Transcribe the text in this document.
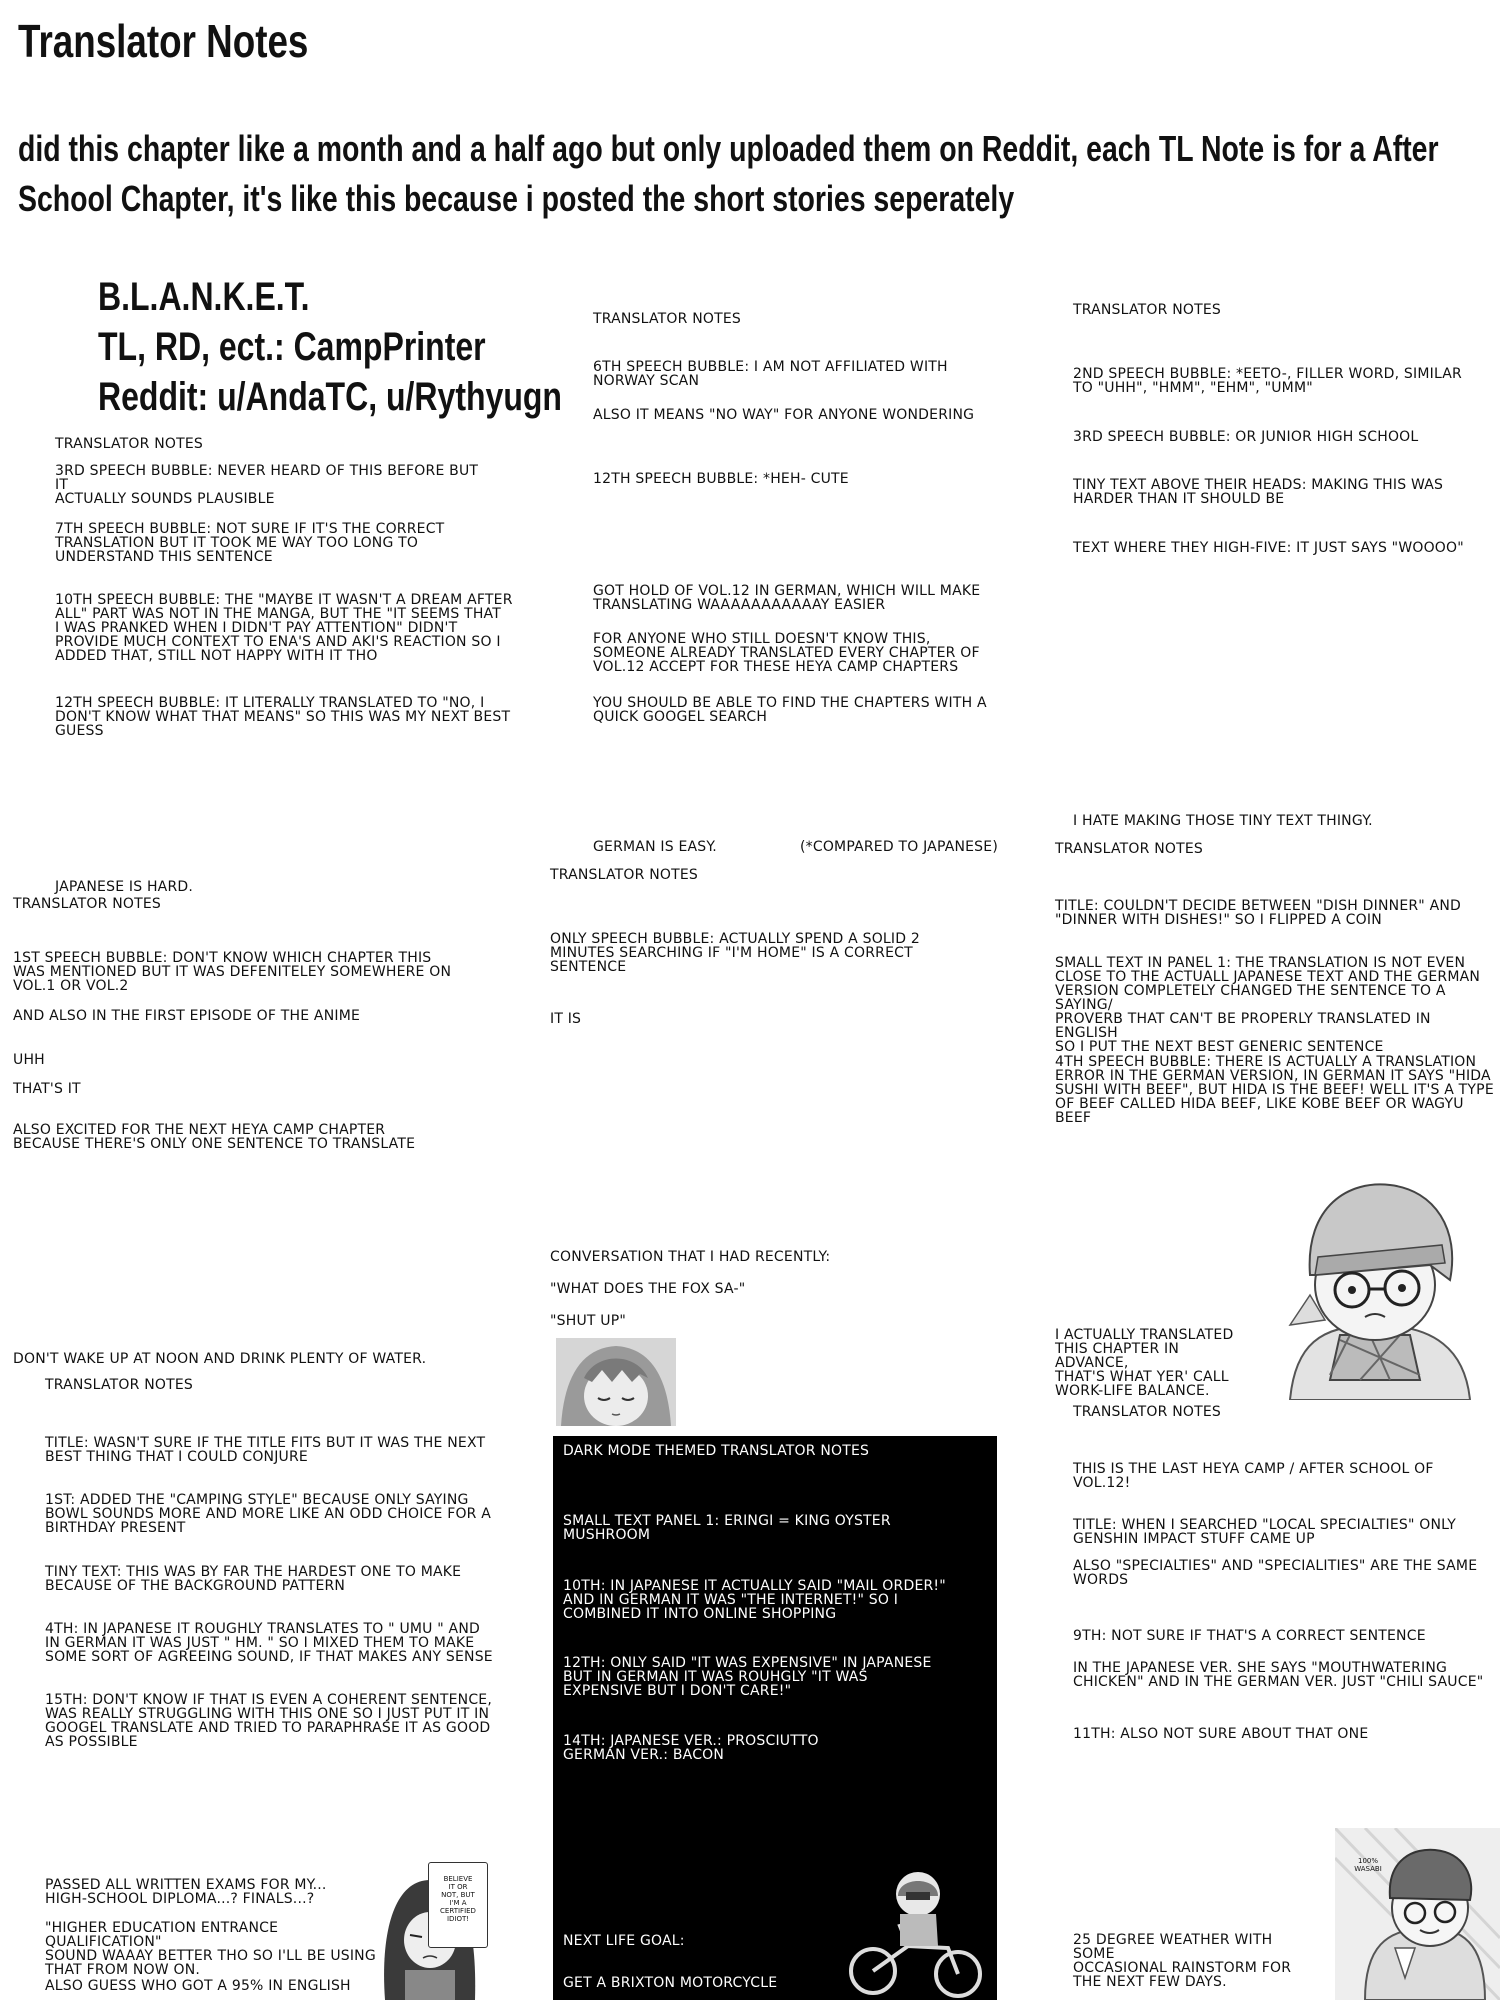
Translator Notes
did this chapter like a month and a half ago but only uploaded them on Reddit, each TL Note is for a After School Chapter, it's like this because i posted the short stories seperately
B.L.A.N.K.E.T.
TL, RD, ect.: CampPrinter
Reddit: u/AndaTC, u/Rythyugn

TRANSLATOR NOTES

3RD SPEECH BUBBLE: NEVER HEARD OF THIS BEFORE BUT IT
ACTUALLY SOUNDS PLAUSIBLE

7TH SPEECH BUBBLE: NOT SURE IF IT'S THE CORRECT
TRANSLATION BUT IT TOOK ME WAY TOO LONG TO
UNDERSTAND THIS SENTENCE

10TH SPEECH BUBBLE: THE "MAYBE IT WASN'T A DREAM AFTER
ALL" PART WAS NOT IN THE MANGA, BUT THE "IT SEEMS THAT
I WAS PRANKED WHEN I DIDN'T PAY ATTENTION" DIDN'T
PROVIDE MUCH CONTEXT TO ENA'S AND AKI'S REACTION SO I
ADDED THAT, STILL NOT HAPPY WITH IT THO

12TH SPEECH BUBBLE: IT LITERALLY TRANSLATED TO "NO, I
DON'T KNOW WHAT THAT MEANS" SO THIS WAS MY NEXT BEST
GUESS

JAPANESE IS HARD.

TRANSLATOR NOTES

6TH SPEECH BUBBLE: I AM NOT AFFILIATED WITH
NORWAY SCAN

ALSO IT MEANS "NO WAY" FOR ANYONE WONDERING

12TH SPEECH BUBBLE: *HEH- CUTE

GOT HOLD OF VOL.12 IN GERMAN, WHICH WILL MAKE
TRANSLATING WAAAAAAAAAAAY EASIER

FOR ANYONE WHO STILL DOESN'T KNOW THIS,
SOMEONE ALREADY TRANSLATED EVERY CHAPTER OF
VOL.12 ACCEPT FOR THESE HEYA CAMP CHAPTERS

YOU SHOULD BE ABLE TO FIND THE CHAPTERS WITH A
QUICK GOOGEL SEARCH

GERMAN IS EASY.	(*COMPARED TO JAPANESE)

TRANSLATOR NOTES

2ND SPEECH BUBBLE: *EETO-, FILLER WORD, SIMILAR
TO "UHH", "HMM", "EHM", "UMM"

3RD SPEECH BUBBLE: OR JUNIOR HIGH SCHOOL

TINY TEXT ABOVE THEIR HEADS: MAKING THIS WAS
HARDER THAN IT SHOULD BE

TEXT WHERE THEY HIGH-FIVE: IT JUST SAYS "WOOOO"

I HATE MAKING THOSE TINY TEXT THINGY.

TRANSLATOR NOTES

1ST SPEECH BUBBLE: DON'T KNOW WHICH CHAPTER THIS
WAS MENTIONED BUT IT WAS DEFENITELEY SOMEWHERE ON
VOL.1 OR VOL.2

AND ALSO IN THE FIRST EPISODE OF THE ANIME

UHH

THAT'S IT

ALSO EXCITED FOR THE NEXT HEYA CAMP CHAPTER
BECAUSE THERE'S ONLY ONE SENTENCE TO TRANSLATE

DON'T WAKE UP AT NOON AND DRINK PLENTY OF WATER.

TRANSLATOR NOTES

ONLY SPEECH BUBBLE: ACTUALLY SPEND A SOLID 2
MINUTES SEARCHING IF "I'M HOME" IS A CORRECT
SENTENCE

IT IS

CONVERSATION THAT I HAD RECENTLY:

"WHAT DOES THE FOX SA-"

"SHUT UP"

TRANSLATOR NOTES

TITLE: COULDN'T DECIDE BETWEEN "DISH DINNER" AND
"DINNER WITH DISHES!" SO I FLIPPED A COIN

SMALL TEXT IN PANEL 1: THE TRANSLATION IS NOT EVEN
CLOSE TO THE ACTUALL JAPANESE TEXT AND THE GERMAN
VERSION COMPLETELY CHANGED THE SENTENCE TO A SAYING/
PROVERB THAT CAN'T BE PROPERLY TRANSLATED IN ENGLISH
SO I PUT THE NEXT BEST GENERIC SENTENCE

4TH SPEECH BUBBLE: THERE IS ACTUALLY A TRANSLATION
ERROR IN THE GERMAN VERSION, IN GERMAN IT SAYS "HIDA
SUSHI WITH BEEF", BUT HIDA IS THE BEEF! WELL IT'S A TYPE
OF BEEF CALLED HIDA BEEF, LIKE KOBE BEEF OR WAGYU
BEEF

I ACTUALLY TRANSLATED
THIS CHAPTER IN ADVANCE,
THAT'S WHAT YER' CALL
WORK-LIFE BALANCE.

TRANSLATOR NOTES

TITLE: WASN'T SURE IF THE TITLE FITS BUT IT WAS THE NEXT
BEST THING THAT I COULD CONJURE

1ST: ADDED THE "CAMPING STYLE" BECAUSE ONLY SAYING
BOWL SOUNDS MORE AND MORE LIKE AN ODD CHOICE FOR A
BIRTHDAY PRESENT

TINY TEXT: THIS WAS BY FAR THE HARDEST ONE TO MAKE
BECAUSE OF THE BACKGROUND PATTERN

4TH: IN JAPANESE IT ROUGHLY TRANSLATES TO " UMU " AND
IN GERMAN IT WAS JUST " HM. " SO I MIXED THEM TO MAKE
SOME SORT OF AGREEING SOUND, IF THAT MAKES ANY SENSE

15TH: DON'T KNOW IF THAT IS EVEN A COHERENT SENTENCE,
WAS REALLY STRUGGLING WITH THIS ONE SO I JUST PUT IT IN
GOOGEL TRANSLATE AND TRIED TO PARAPHRASE IT AS GOOD
AS POSSIBLE

PASSED ALL WRITTEN EXAMS FOR MY...
HIGH-SCHOOL DIPLOMA...? FINALS...?

"HIGHER EDUCATION ENTRANCE QUALIFICATION"
SOUND WAAAY BETTER THO SO I'LL BE USING
THAT FROM NOW ON.

ALSO GUESS WHO GOT A 95% IN ENGLISH

BELIEVE
IT OR
NOT, BUT
I'M A
CERTIFIED
IDIOT!

DARK MODE THEMED TRANSLATOR NOTES

SMALL TEXT PANEL 1: ERINGI = KING OYSTER
MUSHROOM

10TH: IN JAPANESE IT ACTUALLY SAID "MAIL ORDER!"
AND IN GERMAN IT WAS "THE INTERNET!" SO I
COMBINED IT INTO ONLINE SHOPPING

12TH: ONLY SAID "IT WAS EXPENSIVE" IN JAPANESE
BUT IN GERMAN IT WAS ROUHGLY "IT WAS
EXPENSIVE BUT I DON'T CARE!"

14TH: JAPANESE VER.: PROSCIUTTO
GERMAN VER.: BACON

NEXT LIFE GOAL:

GET A BRIXTON MOTORCYCLE

TRANSLATOR NOTES

THIS IS THE LAST HEYA CAMP / AFTER SCHOOL OF VOL.12!

TITLE: WHEN I SEARCHED "LOCAL SPECIALTIES" ONLY
GENSHIN IMPACT STUFF CAME UP

ALSO "SPECIALTIES" AND "SPECIALITIES" ARE THE SAME
WORDS

9TH: NOT SURE IF THAT'S A CORRECT SENTENCE

IN THE JAPANESE VER. SHE SAYS "MOUTHWATERING
CHICKEN" AND IN THE GERMAN VER. JUST "CHILI SAUCE"

11TH: ALSO NOT SURE ABOUT THAT ONE

25 DEGREE WEATHER WITH SOME
OCCASIONAL RAINSTORM FOR
THE NEXT FEW DAYS.
100%
WASABI
